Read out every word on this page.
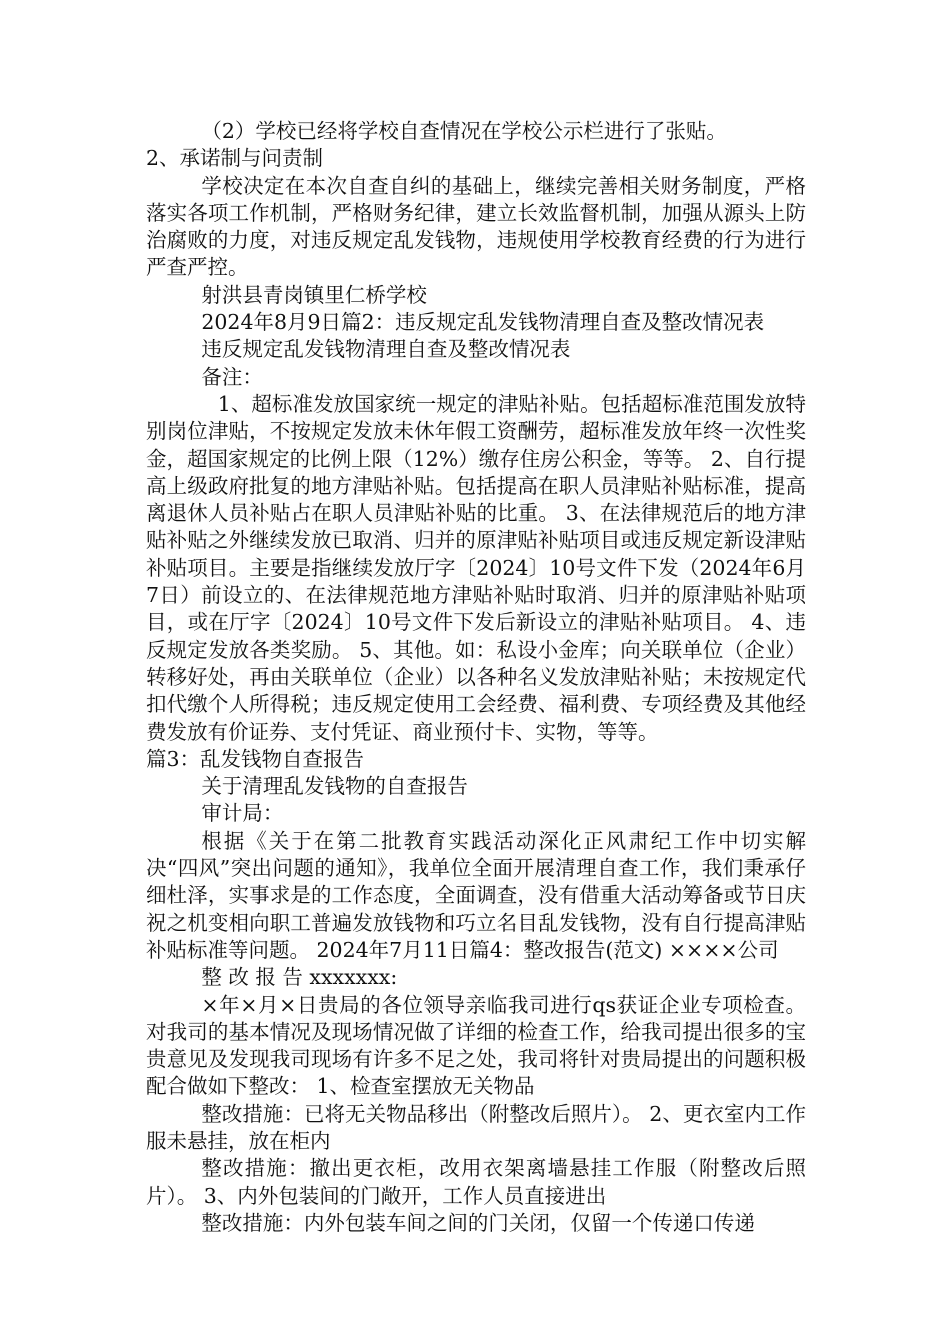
（2）学校已经将学校自查情况在学校公示栏进行了张贴。

2、承诺制与问责制

学校决定在本次自查自纠的基础上，继续完善相关财务制度，严格落实各项工作机制，严格财务纪律，建立长效监督机制，加强从源头上防治腐败的力度，对违反规定乱发钱物，违规使用学校教育经费的行为进行严查严控。

射洪县青岗镇里仁桥学校

2024年8月9日篇2：违反规定乱发钱物清理自查及整改情况表

违反规定乱发钱物清理自查及整改情况表

备注：

1、超标准发放国家统一规定的津贴补贴。包括超标准范围发放特别岗位津贴，不按规定发放未休年假工资酬劳，超标准发放年终一次性奖金，超国家规定的比例上限（12%）缴存住房公积金，等等。 2、自行提高上级政府批复的地方津贴补贴。包括提高在职人员津贴补贴标准，提高离退休人员补贴占在职人员津贴补贴的比重。 3、在法律规范后的地方津贴补贴之外继续发放已取消、归并的原津贴补贴项目或违反规定新设津贴补贴项目。主要是指继续发放厅字〔2024〕10号文件下发（2024年6月7日）前设立的、在法律规范地方津贴补贴时取消、归并的原津贴补贴项目，或在厅字〔2024〕10号文件下发后新设立的津贴补贴项目。 4、违反规定发放各类奖励。 5、其他。如：私设小金库；向关联单位（企业）转移好处，再由关联单位（企业）以各种名义发放津贴补贴；未按规定代扣代缴个人所得税；违反规定使用工会经费、福利费、专项经费及其他经费发放有价证券、支付凭证、商业预付卡、实物，等等。

篇3：乱发钱物自查报告

关于清理乱发钱物的自查报告

审计局：

根据《关于在第二批教育实践活动深化正风肃纪工作中切实解决“四风”突出问题的通知》，我单位全面开展清理自查工作，我们秉承仔细杜泽，实事求是的工作态度，全面调查，没有借重大活动筹备或节日庆祝之机变相向职工普遍发放钱物和巧立名目乱发钱物，没有自行提高津贴补贴标准等问题。 2024年7月11日篇4：整改报告(范文) ××××公司

整 改 报 告 xxxxxxx:

×年×月×日贵局的各位领导亲临我司进行qs获证企业专项检查。对我司的基本情况及现场情况做了详细的检查工作，给我司提出很多的宝贵意见及发现我司现场有许多不足之处，我司将针对贵局提出的问题积极配合做如下整改： 1、检查室摆放无关物品

整改措施：已将无关物品移出（附整改后照片）。 2、更衣室内工作服未悬挂，放在柜内

整改措施：撤出更衣柜，改用衣架离墙悬挂工作服（附整改后照片）。 3、内外包装间的门敞开，工作人员直接进出

整改措施：内外包装车间之间的门关闭，仅留一个传递口传递
